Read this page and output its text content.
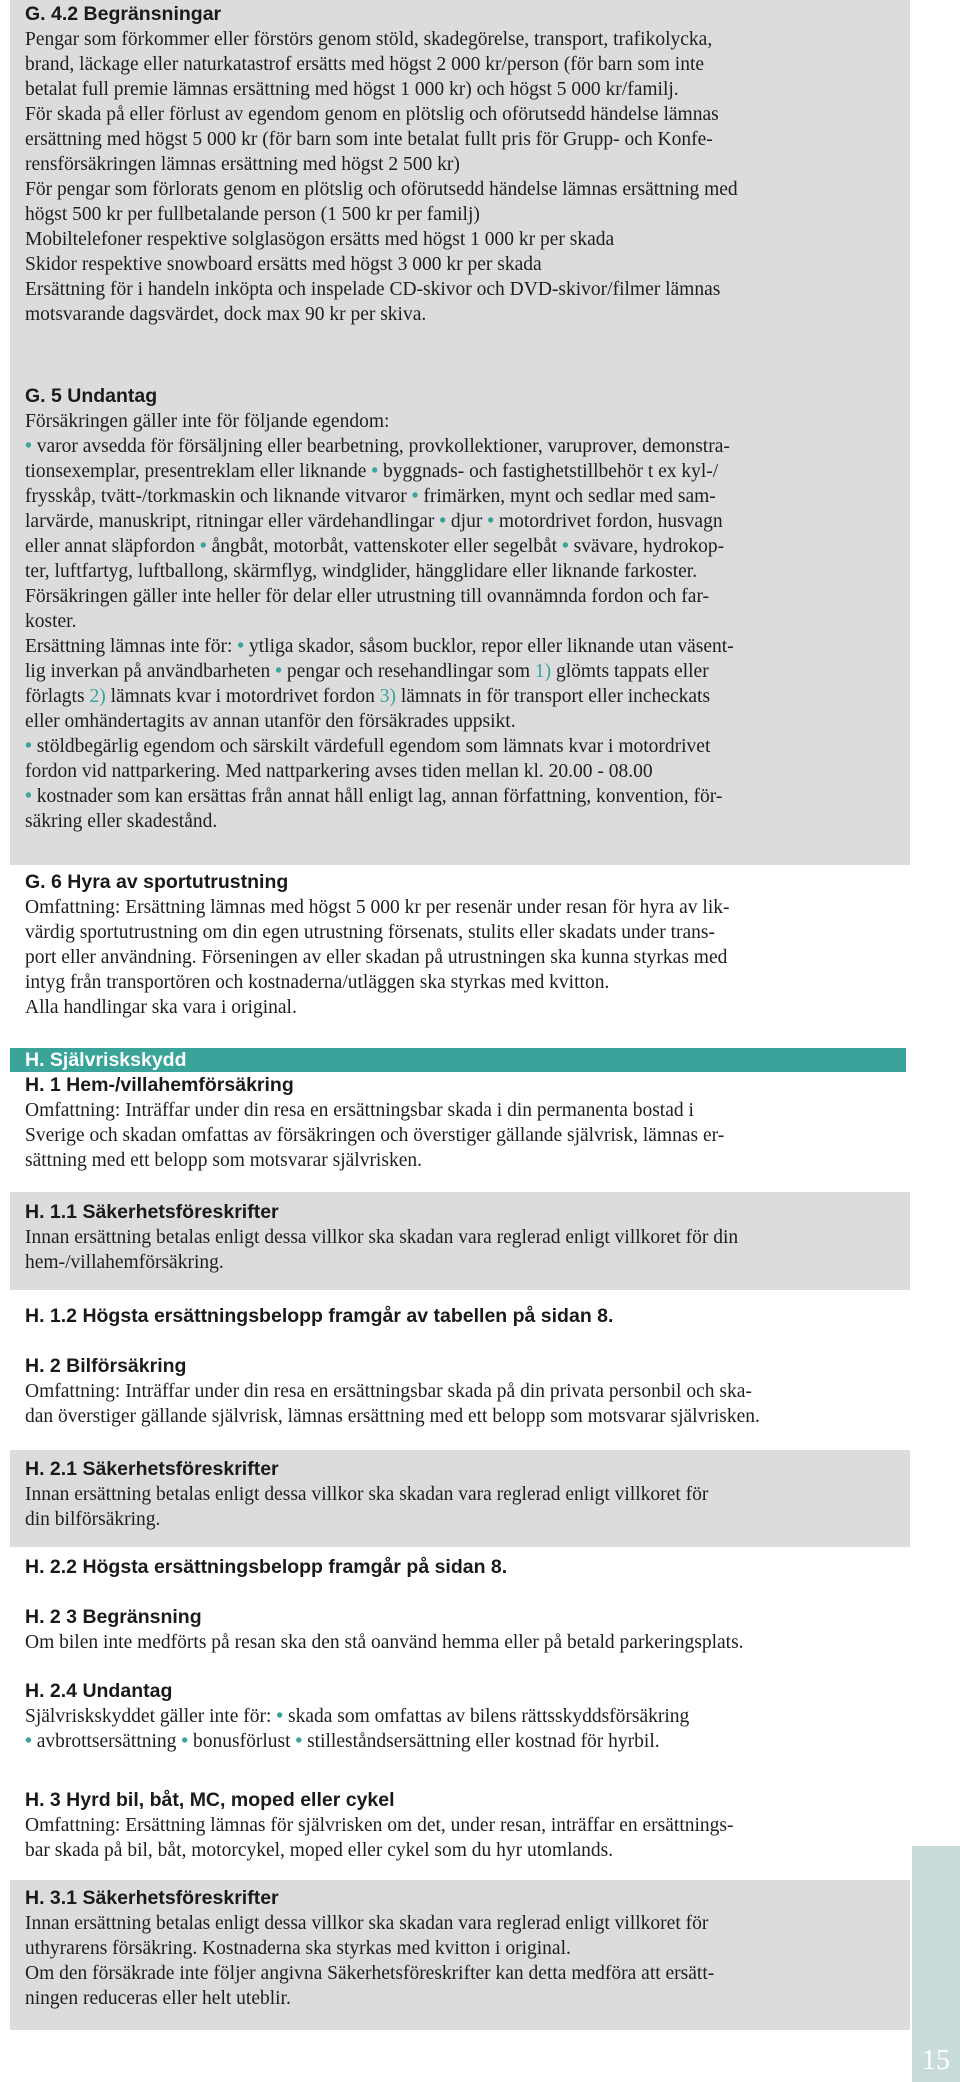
G. 4.2 Begränsningar
Pengar som förkommer eller förstörs genom stöld, skadegörelse, transport, trafikolycka,
brand, läckage eller naturkatastrof ersätts med högst 2 000 kr/person (för barn som inte
betalat full premie lämnas ersättning med högst 1 000 kr) och högst 5 000 kr/familj.
För skada på eller förlust av egendom genom en plötslig och oförutsedd händelse lämnas
ersättning med högst 5 000 kr (för barn som inte betalat fullt pris för Grupp- och Konfe-
rensförsäkringen lämnas ersättning med högst 2 500 kr)
För pengar som förlorats genom en plötslig och oförutsedd händelse lämnas ersättning med
högst 500 kr per fullbetalande person (1 500 kr per familj)
Mobiltelefoner respektive solglasögon ersätts med högst 1 000 kr per skada
Skidor respektive snowboard ersätts med högst 3 000 kr per skada
Ersättning för i handeln inköpta och inspelade CD-skivor och DVD-skivor/filmer lämnas
motsvarande dagsvärdet, dock max 90 kr per skiva.
G. 5 Undantag
Försäkringen gäller inte för följande egendom:
• varor avsedda för försäljning eller bearbetning, provkollektioner, varuprover, demonstra-
tionsexemplar, presentreklam eller liknande • byggnads- och fastighetstillbehör t ex kyl-/
frysskåp, tvätt-/torkmaskin och liknande vitvaror • frimärken, mynt och sedlar med sam-
larvärde, manuskript, ritningar eller värdehandlingar • djur • motordrivet fordon, husvagn
eller annat släpfordon • ångbåt, motorbåt, vattenskoter eller segelbåt • svävare, hydrokop-
ter, luftfartyg, luftballong, skärmflyg, windglider, hängglidare eller liknande farkoster.
Försäkringen gäller inte heller för delar eller utrustning till ovannämnda fordon och far-
koster.
Ersättning lämnas inte för: • ytliga skador, såsom bucklor, repor eller liknande utan väsent-
lig inverkan på användbarheten • pengar och resehandlingar som 1) glömts tappats eller
förlagts 2) lämnats kvar i motordrivet fordon 3) lämnats in för transport eller incheckats
eller omhändertagits av annan utanför den försäkrades uppsikt.
• stöldbegärlig egendom och särskilt värdefull egendom som lämnats kvar i motordrivet
fordon vid nattparkering. Med nattparkering avses tiden mellan kl. 20.00 - 08.00
• kostnader som kan ersättas från annat håll enligt lag, annan författning, konvention, för-
säkring eller skadestånd.
G. 6 Hyra av sportutrustning
Omfattning: Ersättning lämnas med högst 5 000 kr per resenär under resan för hyra av lik-
värdig sportutrustning om din egen utrustning försenats, stulits eller skadats under trans-
port eller användning. Förseningen av eller skadan på utrustningen ska kunna styrkas med
intyg från transportören och kostnaderna/utläggen ska styrkas med kvitton.
Alla handlingar ska vara i original.
H. Självriskskydd
H. 1 Hem-/villahemförsäkring
Omfattning: Inträffar under din resa en ersättningsbar skada i din permanenta bostad i
Sverige och skadan omfattas av försäkringen och överstiger gällande självrisk, lämnas er-
sättning med ett belopp som motsvarar självrisken.
H. 1.1 Säkerhetsföreskrifter
Innan ersättning betalas enligt dessa villkor ska skadan vara reglerad enligt villkoret för din
hem-/villahemförsäkring.
H. 1.2 Högsta ersättningsbelopp framgår av tabellen på sidan 8.
H. 2 Bilförsäkring
Omfattning: Inträffar under din resa en ersättningsbar skada på din privata personbil och ska-
dan överstiger gällande självrisk, lämnas ersättning med ett belopp som motsvarar självrisken.
H. 2.1 Säkerhetsföreskrifter
Innan ersättning betalas enligt dessa villkor ska skadan vara reglerad enligt villkoret för
din bilförsäkring.
H. 2.2 Högsta ersättningsbelopp framgår på sidan 8.
H. 2 3 Begränsning
Om bilen inte medförts på resan ska den stå oanvänd hemma eller på betald parkeringsplats.
H. 2.4 Undantag
Självriskskyddet gäller inte för: • skada som omfattas av bilens rättsskyddsförsäkring
• avbrottsersättning • bonusförlust • stilleståndsersättning eller kostnad för hyrbil.
H. 3 Hyrd bil, båt, MC, moped eller cykel
Omfattning: Ersättning lämnas för självrisken om det, under resan, inträffar en ersättnings-
bar skada på bil, båt, motorcykel, moped eller cykel som du hyr utomlands.
H. 3.1 Säkerhetsföreskrifter
Innan ersättning betalas enligt dessa villkor ska skadan vara reglerad enligt villkoret för
uthyrarens försäkring. Kostnaderna ska styrkas med kvitton i original.
Om den försäkrade inte följer angivna Säkerhetsföreskrifter kan detta medföra att ersätt-
ningen reduceras eller helt uteblir.
15
